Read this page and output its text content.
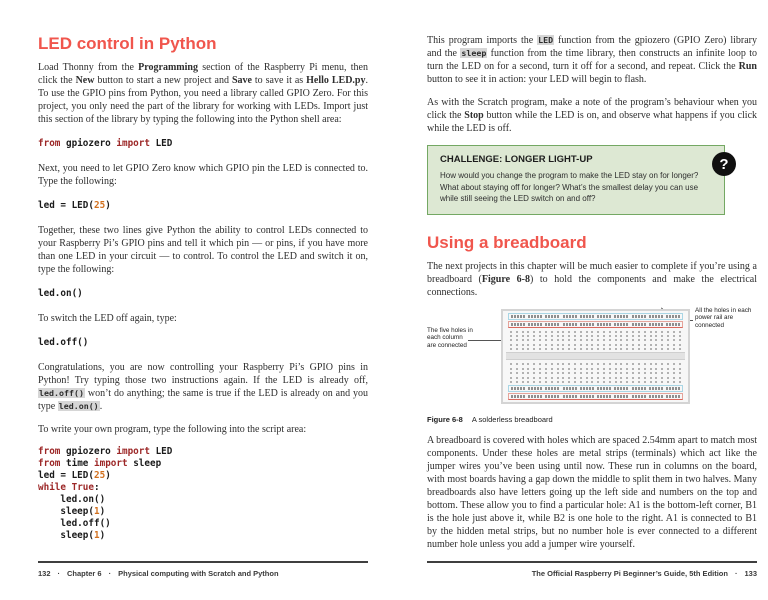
LED control in Python

Load Thonny from the Programming section of the Raspberry Pi menu, then click the New button to start a new project and Save to save it as Hello LED.py. To use the GPIO pins from Python, you need a library called GPIO Zero. For this project, you only need the part of the library for working with LEDs. Import just this section of the library by typing the following into the Python shell area:

from gpiozero import LED

Next, you need to let GPIO Zero know which GPIO pin the LED is connected to. Type the following:

led = LED(25)

Together, these two lines give Python the ability to control LEDs connected to your Raspberry Pi’s GPIO pins and tell it which pin — or pins, if you have more than one LED in your circuit — to control. To control the LED and switch it on, type the following:

led.on()

To switch the LED off again, type:

led.off()

Congratulations, you are now controlling your Raspberry Pi’s GPIO pins in Python! Try typing those two instructions again. If the LED is already off, led.off() won’t do anything; the same is true if the LED is already on and you type led.on().

To write your own program, type the following into the script area:

from gpiozero import LED
from time import sleep
led = LED(25)
while True:
led.on()
sleep(1)
led.off()
sleep(1)

This program imports the LED function from the gpiozero (GPIO Zero) library and the sleep function from the time library, then constructs an infinite loop to turn the LED on for a second, turn it off for a second, and repeat. Click the Run button to see it in action: your LED will begin to flash.

As with the Scratch program, make a note of the program’s behaviour when you click the Stop button while the LED is on, and observe what happens if you click while the LED is off.

CHALLENGE: LONGER LIGHT-UP
How would you change the program to make the LED stay on for longer? What about staying off for longer? What’s the smallest delay you can use while still seeing the LED switch on and off?
?
Using a breadboard

The next projects in this chapter will be much easier to complete if you’re using a breadboard (Figure 6-8) to hold the components and make the electrical connections.

The five holes in each column are connected
All the holes in each power rail are connected
Figure 6-8 A solderless breadboard

A breadboard is covered with holes which are spaced 2.54mm apart to match most components. Under these holes are metal strips (terminals) which act like the jumper wires you’ve been using until now. These run in columns on the board, with most boards having a gap down the middle to split them in two halves. Many breadboards also have letters going up the left side and numbers on the top and bottom. These allow you to find a particular hole: A1 is the bottom-left corner, B1 is the hole just above it, while B2 is one hole to the right. A1 is connected to B1 by the hidden metal strips, but no number hole is ever connected to a different number hole unless you add a jumper wire yourself.

132 · Chapter 6 · Physical computing with Scratch and Python	The Official Raspberry Pi Beginner’s Guide, 5th Edition · 133
